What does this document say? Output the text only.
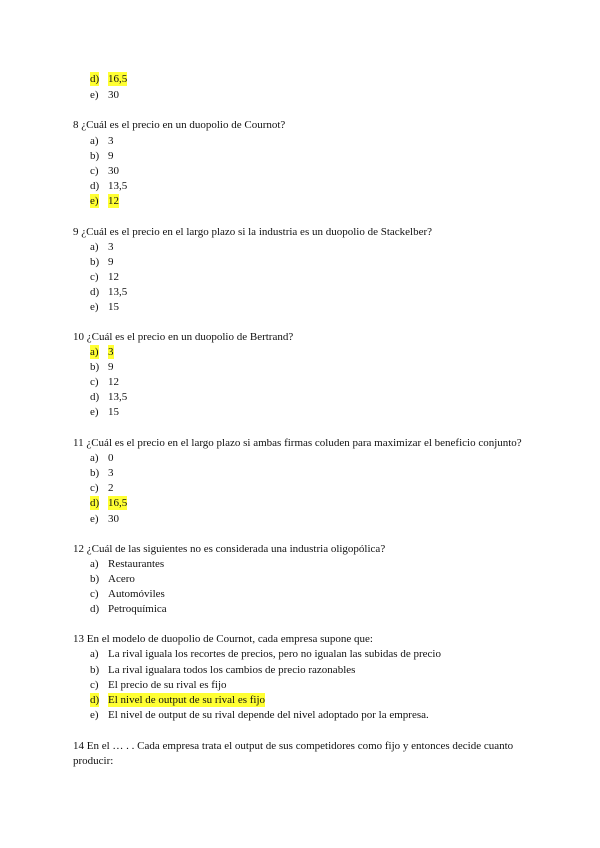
d) 16,5
e) 30
8 ¿Cuál es el precio en un duopolio de Cournot?
a) 3
b) 9
c) 30
d) 13,5
e) 12
9 ¿Cuál es el precio en el largo plazo si la industria es un duopolio de Stackelber?
a) 3
b) 9
c) 12
d) 13,5
e) 15
10 ¿Cuál es el precio en un duopolio de Bertrand?
a) 3
b) 9
c) 12
d) 13,5
e) 15
11 ¿Cuál es el precio en el largo plazo si ambas firmas coluden para maximizar el beneficio conjunto?
a) 0
b) 3
c) 2
d) 16,5
e) 30
12 ¿Cuál de las siguientes no es considerada una industria oligopólica?
a) Restaurantes
b) Acero
c) Automóviles
d) Petroquímica
13 En el modelo de duopolio de Cournot, cada empresa supone que:
a) La rival iguala los recortes de precios, pero no igualan las subidas de precio
b) La rival igualara todos los cambios de precio razonables
c) El precio de su rival es fijo
d) El nivel de output de su rival es fijo
e) El nivel de output de su rival depende del nivel adoptado por la empresa.
14 En el … . . Cada empresa trata el output de sus competidores como fijo y entonces decide cuanto
producir:
